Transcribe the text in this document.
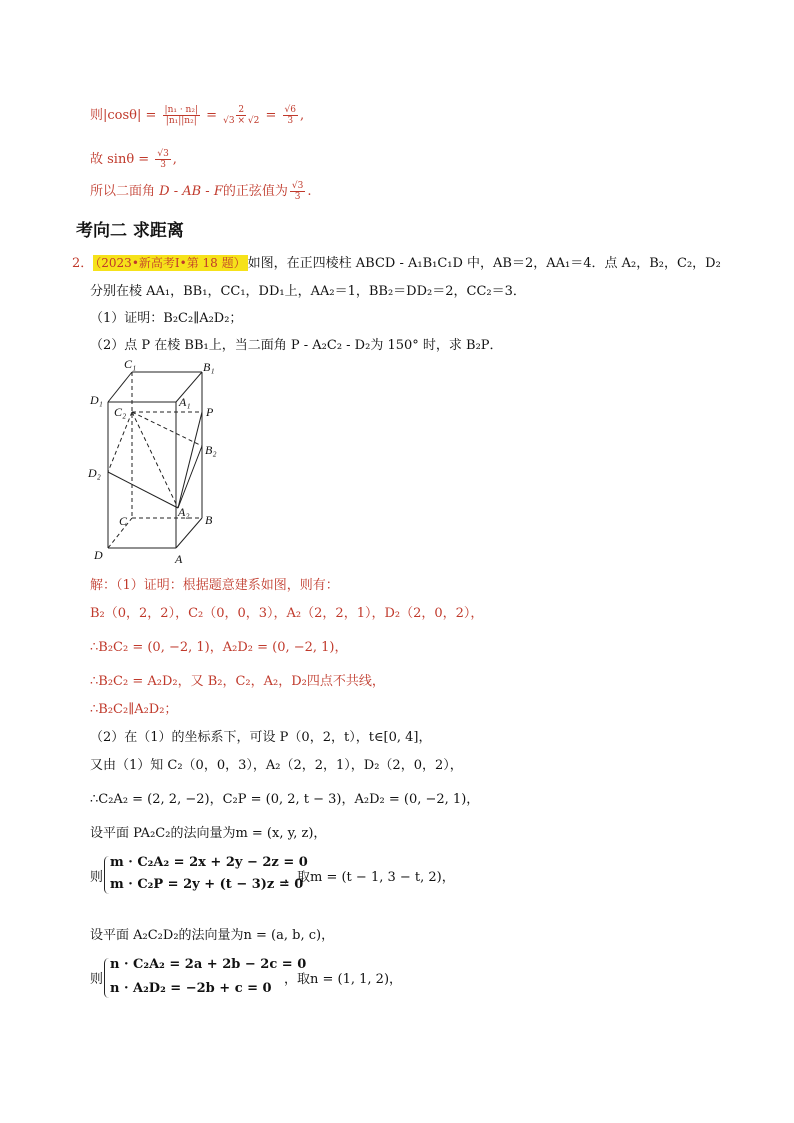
则$|\cos\theta| = \frac{\text{|n₁ · n₂|}}{\text{|n₁||n₂|}} = \frac{2}{√3 \times √2} = \frac{√6}{3}$ ,
故 $\sin\theta = \frac{√3}{3}$ ,
所以二面角 D - AB - F的正弦值为 $\frac{√3}{3}$ .
考向二 求距离
2． （2023•新高考Ⅰ•第 18 题） 如图，在正四棱柱 ABCD - A₁B₁C₁D 中，AB＝2，AA₁＝4．点 A₂，B₂，C₂，D₂
分别在棱 AA₁，BB₁，CC₁，DD₁上，AA₂＝1，BB₂＝DD₂＝2，CC₂＝3．
（1）证明：B₂C₂∥A₂D₂；
（2）点 P 在棱 BB₁上，当二面角 P - A₂C₂ - D₂为 150° 时，求 B₂P．
C₁	B₁
D₁	A₁
C₂	P
B₂
D₂
A₂
C	B
D	A
解：（1）证明：根据题意建系如图，则有：
B₂（0，2，2），C₂（0，0，3），A₂（2，2，1），D₂（2，0，2），
∴B₂C₂ = (0, −2, 1)，A₂D₂ = (0, −2, 1)，
∴B₂C₂ = A₂D₂，又 B₂，C₂，A₂，D₂四点不共线，
∴B₂C₂∥A₂D₂；
（2）在（1）的坐标系下，可设 P（0，2，t），t∈[0, 4]，
又由（1）知 C₂（0，0，3），A₂（2，2，1），D₂（2，0，2），
∴C₂A₂ = (2, 2, −2)，C₂P = (0, 2, t − 3)，A₂D₂ = (0, −2, 1)，
设平面 PA₂C₂的法向量为m = (x, y, z)，
则
m · C₂A₂ = 2x + 2y − 2z = 0
m · C₂P = 2y + (t − 3)z = 0
，取m = (t − 1, 3 − t, 2)，
设平面 A₂C₂D₂的法向量为n = (a, b, c)，
则
n · C₂A₂ = 2a + 2b − 2c = 0
n · A₂D₂ = −2b + c = 0
，取n = (1, 1, 2)，
